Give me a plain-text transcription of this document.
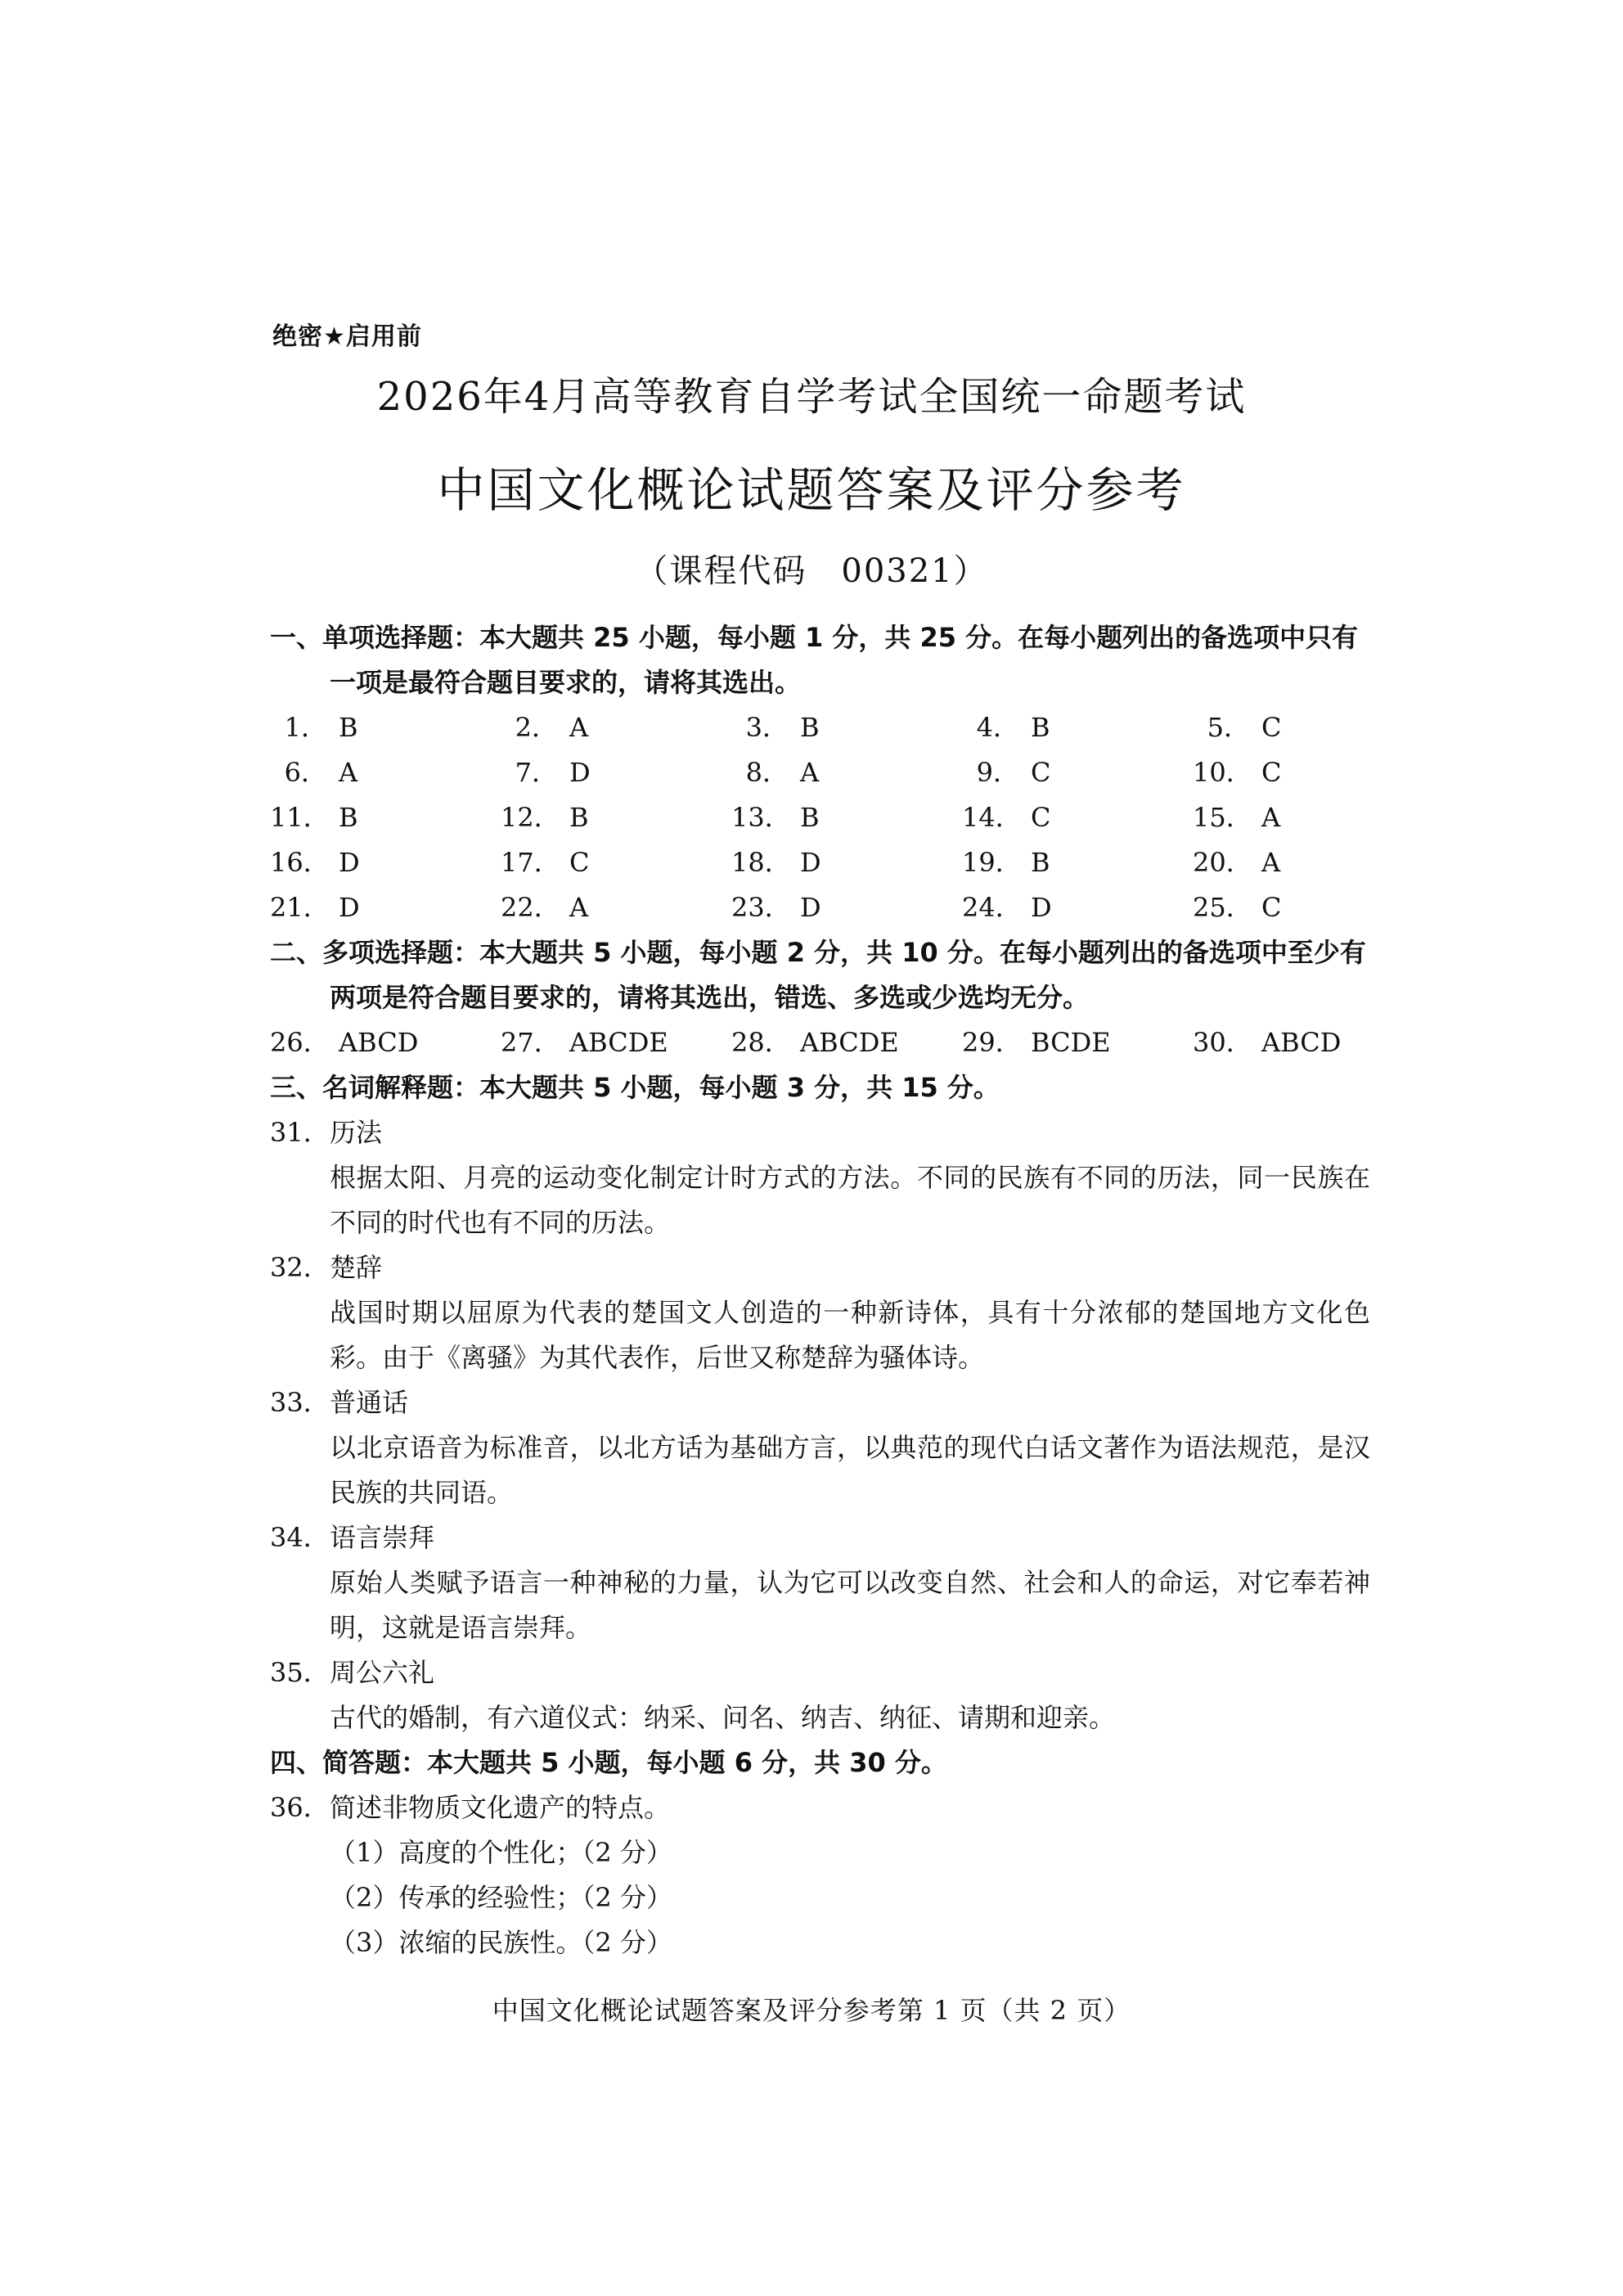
绝密★启用前
2026年4月高等教育自学考试全国统一命题考试
中国文化概论试题答案及评分参考
（课程代码　00321）
一、单项选择题：本大题共 25 小题，每小题 1 分，共 25 分。在每小题列出的备选项中只有一项是最符合题目要求的，请将其选出。
1． B	2． A	3． B	4． B	5． C
6． A	7． D	8． A	9． C	10． C
11． B	12． B	13． B	14． C	15． A
16． D	17． C	18． D	19． B	20． A
21． D	22． A	23． D	24． D	25． C
二、多项选择题：本大题共 5 小题，每小题 2 分，共 10 分。在每小题列出的备选项中至少有两项是符合题目要求的，请将其选出，错选、多选或少选均无分。
26． ABCD	27． ABCDE 28． ABCDE 29． BCDE	30． ABCD
三、名词解释题：本大题共 5 小题，每小题 3 分，共 15 分。
31． 历法
根据太阳、月亮的运动变化制定计时方式的方法。不同的民族有不同的历法，同一民族在不同的时代也有不同的历法。
32． 楚辞
战国时期以屈原为代表的楚国文人创造的一种新诗体，具有十分浓郁的楚国地方文化色彩。由于《离骚》为其代表作，后世又称楚辞为骚体诗。
33． 普通话
以北京语音为标准音，以北方话为基础方言，以典范的现代白话文著作为语法规范，是汉民族的共同语。
34． 语言崇拜
原始人类赋予语言一种神秘的力量，认为它可以改变自然、社会和人的命运，对它奉若神明，这就是语言崇拜。
35． 周公六礼
古代的婚制，有六道仪式：纳采、问名、纳吉、纳征、请期和迎亲。
四、简答题：本大题共 5 小题，每小题 6 分，共 30 分。
36． 简述非物质文化遗产的特点。
（1）高度的个性化；（2 分）
（2）传承的经验性；（2 分）
（3）浓缩的民族性。（2 分）
中国文化概论试题答案及评分参考第 1 页（共 2 页）
